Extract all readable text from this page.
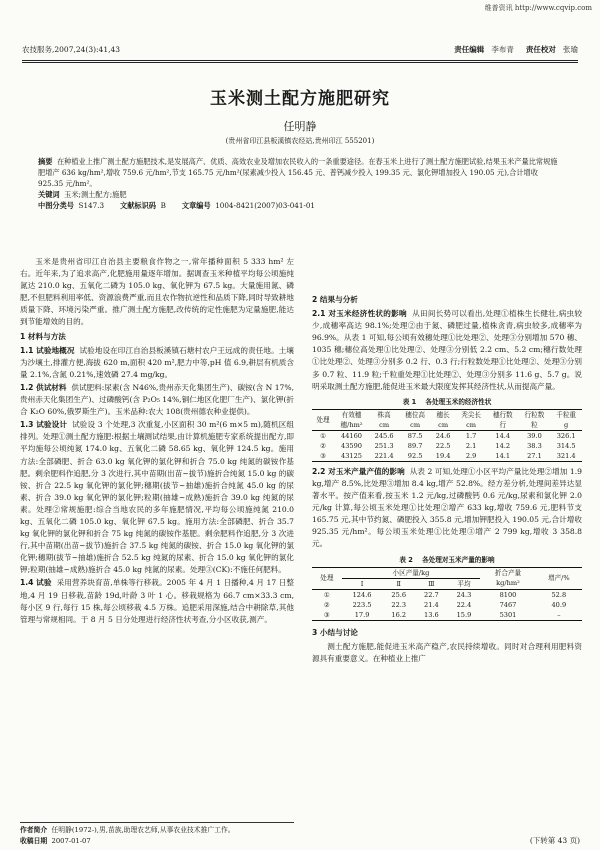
维普资讯 http://www.cqvip.com
农技服务,2007,24(3):41,43	责任编辑 李布青 责任校对 张瑜
玉米测土配方施肥研究
任明静
(贵州省印江县板溪镇农经站,贵州印江 555201)
摘要 在种植业上推广测土配方施肥技术,是发展高产、优质、高效农业及增加农民收入的一条重要途径。在春玉米上进行了测土配方施肥试验,结果玉米产量比常规施肥增产 636 kg/hm²,增收 759.6 元/hm²,节支 165.75 元/hm²(尿素减少投入 156.45 元、普钙减少投入 199.35 元、氯化钾增加投入 190.05 元),合计增收 925.35 元/hm²。
关键词 玉米;测土配方;施肥
中图分类号 S147.3 文献标识码 B 文章编号 1004-8421(2007)03-041-01

玉米是贵州省印江自治县主要粮食作物之一,常年播种面积 5 333 hm² 左右。近年来,为了追求高产,化肥施用量逐年增加。据调查玉米种植平均每公顷施纯氮达 210.0 kg、五氧化二磷为 105.0 kg、氧化钾为 67.5 kg。大量施用氮、磷肥,不但肥料利用率低、资源浪费严重,而且农作物抗逆性和品质下降,同时导致耕地质量下降、环境污染严重。推广测土配方施肥,改传统的定性施肥为定量施肥,能达到节能增效的目的。

1 材料与方法

1.1 试验地概况 试验地设在印江自治县板溪镇石塘村农户王远成的责任地。土壤为沙壤土,排灌方便,海拔 620 m,面积 420 m²,肥力中等,pH 值 6.9,耕层有机质含量 2.1%,含氮 0.21%,速效磷 27.4 mg/kg。

1.2 供试材料 供试肥料:尿素(含 N46%,贵州赤天化集团生产)、碳铵(含 N 17%,贵州赤天化集团生产)、过磷酸钙(含 P₂O₅ 14%,铜仁地区化肥厂生产)、氯化钾(折合 K₂O 60%,俄罗斯生产)。玉米品种:农大 108(贵州德农种业提供)。

1.3 试验设计 试验设 3 个处理,3 次重复,小区面积 30 m²(6 m×5 m),随机区组排列。处理①测土配方施肥:根据土壤测试结果,由计算机施肥专家系统提出配方,即平均施每公顷纯氮 174.0 kg、五氧化二磷 58.65 kg、氧化钾 124.5 kg。施用方法:全部磷肥、折合 63.0 kg 氧化钾的氯化钾和折合 75.0 kg 纯氮的碳铵作基肥。剩余肥料作追肥,分 3 次进行,其中苗期(出苗~拔节)施折合纯氮 15.0 kg 的碳铵、折合 22.5 kg 氧化钾的氯化钾;穗期(拔节~抽雄)施折合纯氮 45.0 kg 的尿素、折合 39.0 kg 氧化钾的氯化钾;粒期(抽雄~成熟)施折合 39.0 kg 纯氮的尿素。处理②常规施肥:综合当地农民的多年施肥情况,平均每公顷施纯氮 210.0 kg、五氧化二磷 105.0 kg、氧化钾 67.5 kg。施用方法:全部磷肥、折合 35.7 kg 氧化钾的氯化钾和折合 75 kg 纯氮的碳铵作基肥。剩余肥料作追肥,分 3 次进行,其中苗期(出苗~拔节)施折合 37.5 kg 纯氮的碳铵、折合 15.0 kg 氧化钾的氯化钾;穗期(拔节~抽雄)施折合 52.5 kg 纯氮的尿素、折合 15.0 kg 氧化钾的氯化钾;粒期(抽雄~成熟)施折合 45.0 kg 纯氮的尿素。处理③(CK):不施任何肥料。

1.4 试验 采用营养块育苗,单株等行移栽。2005 年 4 月 1 日播种,4 月 17 日整地,4 月 19 日移栽,苗龄 19d,叶龄 3 叶 1 心。移栽规格为 66.7 cm×33.3 cm,每小区 9 行,每行 15 株,每公顷移栽 4.5 万株。追肥采用深施,结合中耕除草,其他管理与常规相同。于 8 月 5 日分处理进行经济性状考查,分小区收获,测产。

2 结果与分析

2.1 对玉米经济性状的影响 从田间长势可以看出,处理①植株生长健壮,病虫较少,成穗率高达 98.1%;处理②由于氮、磷肥过量,植株贪青,病虫较多,成穗率为 96.9%。从表 1 可知,每公顷有效穗处理①比处理②、处理③分别增加 570 穗、1035 穗;穗位高处理①比处理②、处理③分别低 2.2 cm、5.2 cm;穗行数处理①比处理②、处理③分别多 0.2 行、0.3 行;行粒数处理①比处理②、处理③分别多 0.7 粒、11.9 粒;千粒重处理①比处理②、处理③分别多 11.6 g、5.7 g。说明采取测土配方施肥,能促进玉米最大限度发挥其经济性状,从而提高产量。

表 1 各处理玉米的经济性状
处理	有效穗	株高	穗位高	穗长	秃尖长	穗行数	行粒数	千粒重
	穗/hm²	cm	cm	cm	cm	行	粒	g
①	44160	245.6	87.5	24.6	1.7	14.4	39.0	326.1
②	43590	251.3	89.7	22.5	2.1	14.2	38.3	314.5
③	43125	221.4	92.5	19.4	2.9	14.1	27.1	321.4

2.2 对玉米产量产值的影响 从表 2 可知,处理①小区平均产量比处理②增加 1.9 kg,增产 8.5%,比处理③增加 8.4 kg,增产 52.8%。经方差分析,处理间差异达显著水平。按产值来看,按玉米 1.2 元/kg,过磷酸钙 0.6 元/kg,尿素和氯化钾 2.0 元/kg 计算,每公顷玉米处理①比处理②增产 633 kg,增收 759.6 元,肥料节支 165.75 元,其中节约氮、磷肥投入 355.8 元,增加钾肥投入 190.05 元,合计增收 925.35 元/hm²。每公顷玉米处理①比处理③增产 2 799 kg,增收 3 358.8 元。

表 2 各处理对玉米产量的影响
处理	小区产量/kg				折合产量	增产/%
	Ⅰ	Ⅱ	Ⅲ	平均	kg/hm²	
①	124.6	25.6	22.7	24.3	8100	52.8
②	223.5	22.3	21.4	22.4	7467	40.9
③	17.9	16.2	13.6	15.9	5301	–

3 小结与讨论

测土配方施肥,能促进玉米高产稳产,农民持续增收。同时对合理利用肥料资源具有重要意义。在种植业上推广

作者简介 任明静(1972-),男,苗族,助理农艺师,从事农业技术推广工作。
收稿日期 2007-01-07	(下转第 43 页)
